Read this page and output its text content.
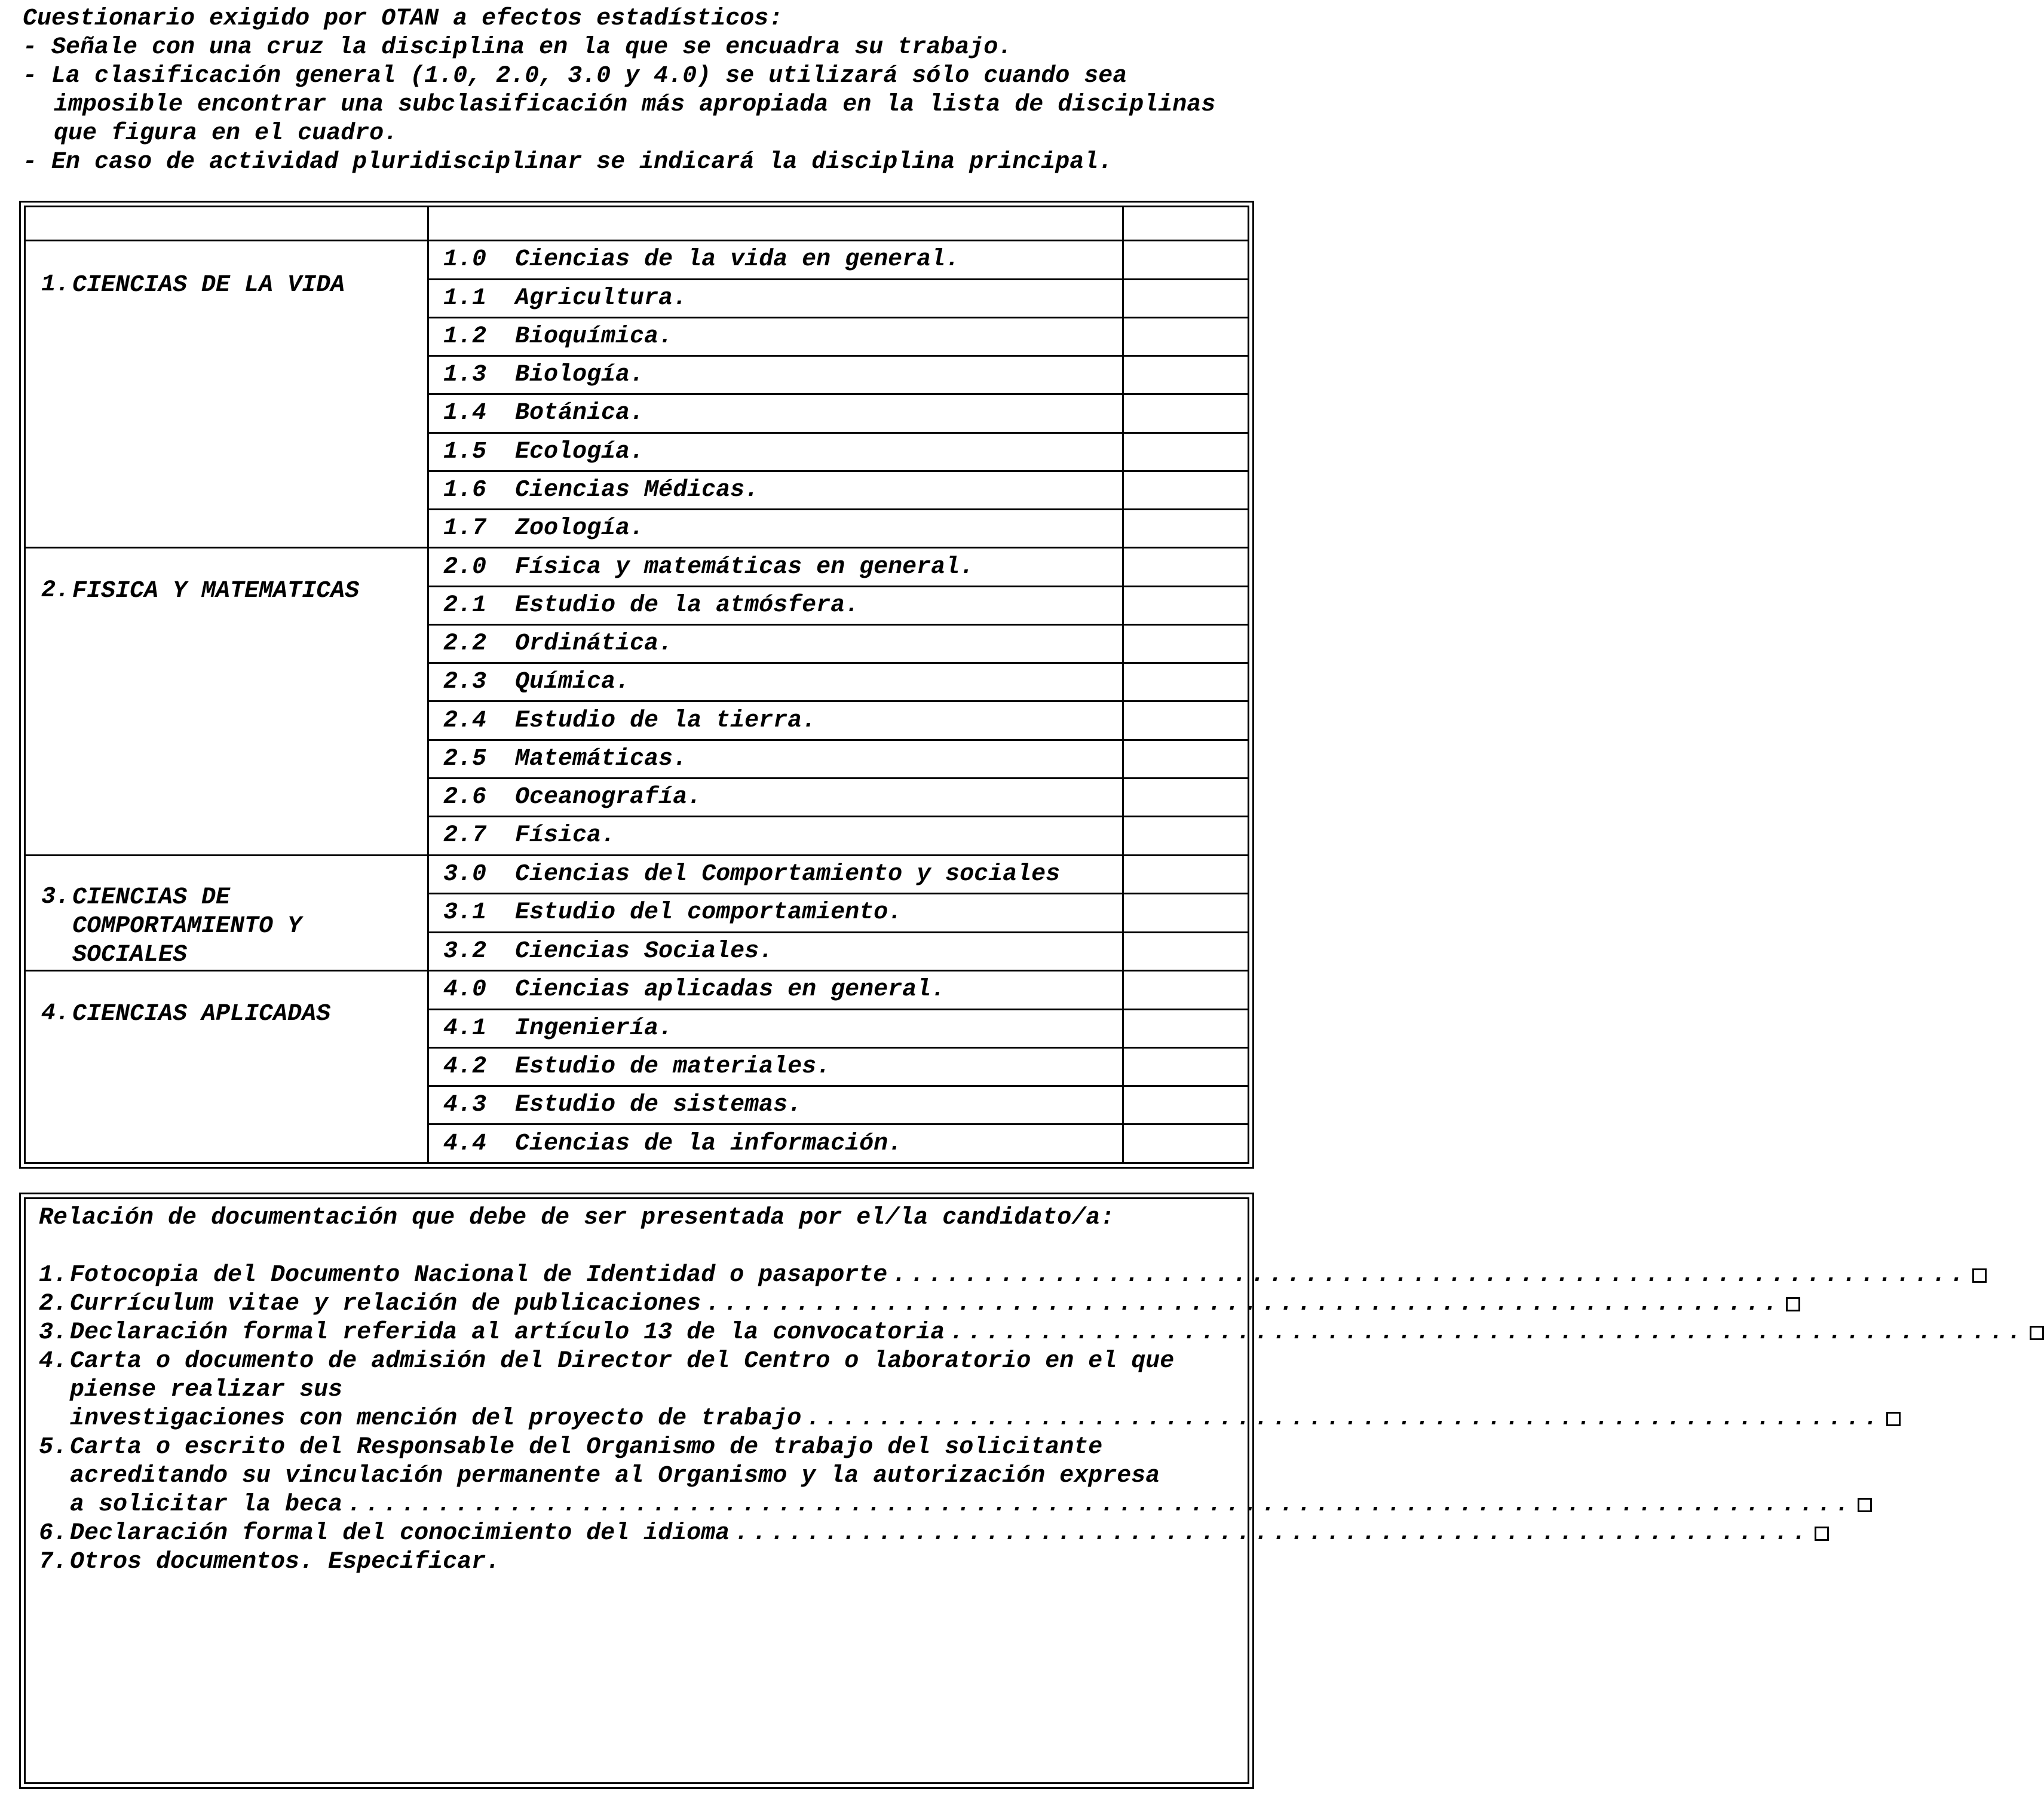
Cuestionario exigido por OTAN a efectos estadísticos:
- Señale con una cruz la disciplina en la que se encuadra su trabajo.
- La clasificación general (1.0, 2.0, 3.0 y 4.0) se utilizará sólo cuando sea
imposible encontrar una subclasificación más apropiada en la lista de disciplinas
que figura en el cuadro.
- En caso de actividad pluridisciplinar se indicará la disciplina principal.

1. CIENCIAS DE LA VIDA	1.0  Ciencias de la vida en general.	
	1.1  Agricultura.	
	1.2  Bioquímica.	
	1.3  Biología.	
	1.4  Botánica.	
	1.5  Ecología.	
	1.6  Ciencias Médicas.	
	1.7  Zoología.	

2. FISICA Y MATEMATICAS	2.0  Física y matemáticas en general.	
	2.1  Estudio de la atmósfera.	
	2.2  Ordinática.	
	2.3  Química.	
	2.4  Estudio de la tierra.	
	2.5  Matemáticas.	
	2.6  Oceanografía.	
	2.7  Física.	

3. CIENCIAS DE COMPORTAMIENTO Y SOCIALES	3.0  Ciencias del Comportamiento y sociales	
	3.1  Estudio del comportamiento.	
	3.2  Ciencias Sociales.	

4. CIENCIAS APLICADAS	4.0  Ciencias aplicadas en general.	
	4.1  Ingeniería.	
	4.2  Estudio de materiales.	
	4.3  Estudio de sistemas.	
	4.4  Ciencias de la información.	
Relación de documentación que debe de ser presentada por el/la candidato/a:
1. Fotocopia del Documento Nacional de Identidad o pasaporte ............................................................
2. Currículum vitae y relación de publicaciones ............................................................
3. Declaración formal referida al artículo 13 de la convocatoria ............................................................
4. Carta o documento de admisión del Director del Centro o laboratorio en el que
piense realizar sus
investigaciones con mención del proyecto de trabajo ............................................................
5. Carta o escrito del Responsable del Organismo de trabajo del solicitante
acreditando su vinculación permanente al Organismo y la autorización expresa
a solicitar la beca ....................................................................................
6. Declaración formal del conocimiento del idioma ............................................................
7. Otros documentos. Especificar.
